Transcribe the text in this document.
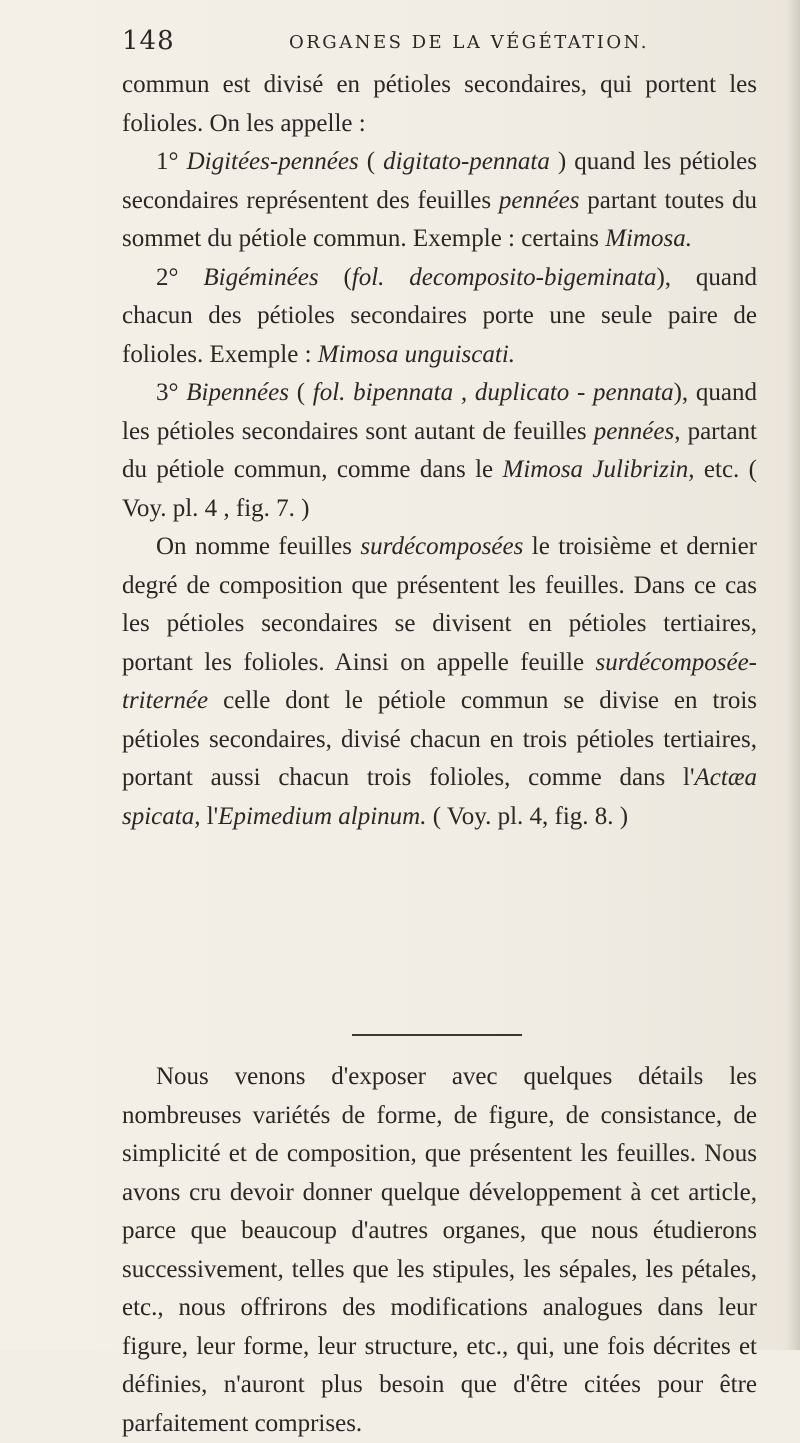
148	ORGANES DE LA VÉGÉTATION.

commun est divisé en pétioles secondaires, qui portent les folioles. On les appelle :

1° Digitées-pennées ( digitato-pennata ) quand les pétioles secondaires représentent des feuilles pennées partant toutes du sommet du pétiole commun. Exemple : certains Mimosa.

2° Bigéminées (fol. decomposito-bigeminata), quand chacun des pétioles secondaires porte une seule paire de folioles. Exemple : Mimosa unguiscati.

3° Bipennées ( fol. bipennata , duplicato - pennata), quand les pétioles secondaires sont autant de feuilles pennées, partant du pétiole commun, comme dans le Mimosa Julibrizin, etc. ( Voy. pl. 4 , fig. 7. )

On nomme feuilles surdécomposées le troisième et dernier degré de composition que présentent les feuilles. Dans ce cas les pétioles secondaires se divisent en pétioles tertiaires, portant les folioles. Ainsi on appelle feuille surdécomposée-triternée celle dont le pétiole commun se divise en trois pétioles secondaires, divisé chacun en trois pétioles tertiaires, portant aussi chacun trois folioles, comme dans l'Actæa spicata, l'Epimedium alpinum. ( Voy. pl. 4, fig. 8. )

Nous venons d'exposer avec quelques détails les nombreuses variétés de forme, de figure, de consistance, de simplicité et de composition, que présentent les feuilles. Nous avons cru devoir donner quelque développement à cet article, parce que beaucoup d'autres organes, que nous étudierons successivement, telles que les stipules, les sépales, les pétales, etc., nous offrirons des modifications analogues dans leur figure, leur forme, leur structure, etc., qui, une fois décrites et définies, n'auront plus besoin que d'être citées pour être parfaitement comprises.
